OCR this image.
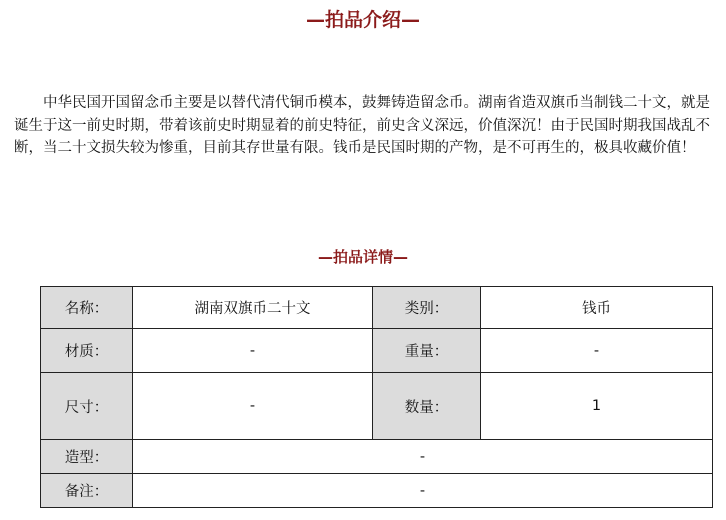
—拍品介绍—

中华民国开国留念币主要是以替代清代铜币模本，鼓舞铸造留念币。湖南省造双旗币当制钱二十文，就是诞生于这一前史时期，带着该前史时期显着的前史特征，前史含义深远，价值深沉！由于民国时期我国战乱不断，当二十文损失较为惨重，目前其存世量有限。钱币是民国时期的产物，是不可再生的，极具收藏价值！

—拍品详情—
名称：	湖南双旗币二十文	类别：	钱币
材质：	-	重量：	-
尺寸：	-	数量：	1
造型：	-		
备注：	-		
